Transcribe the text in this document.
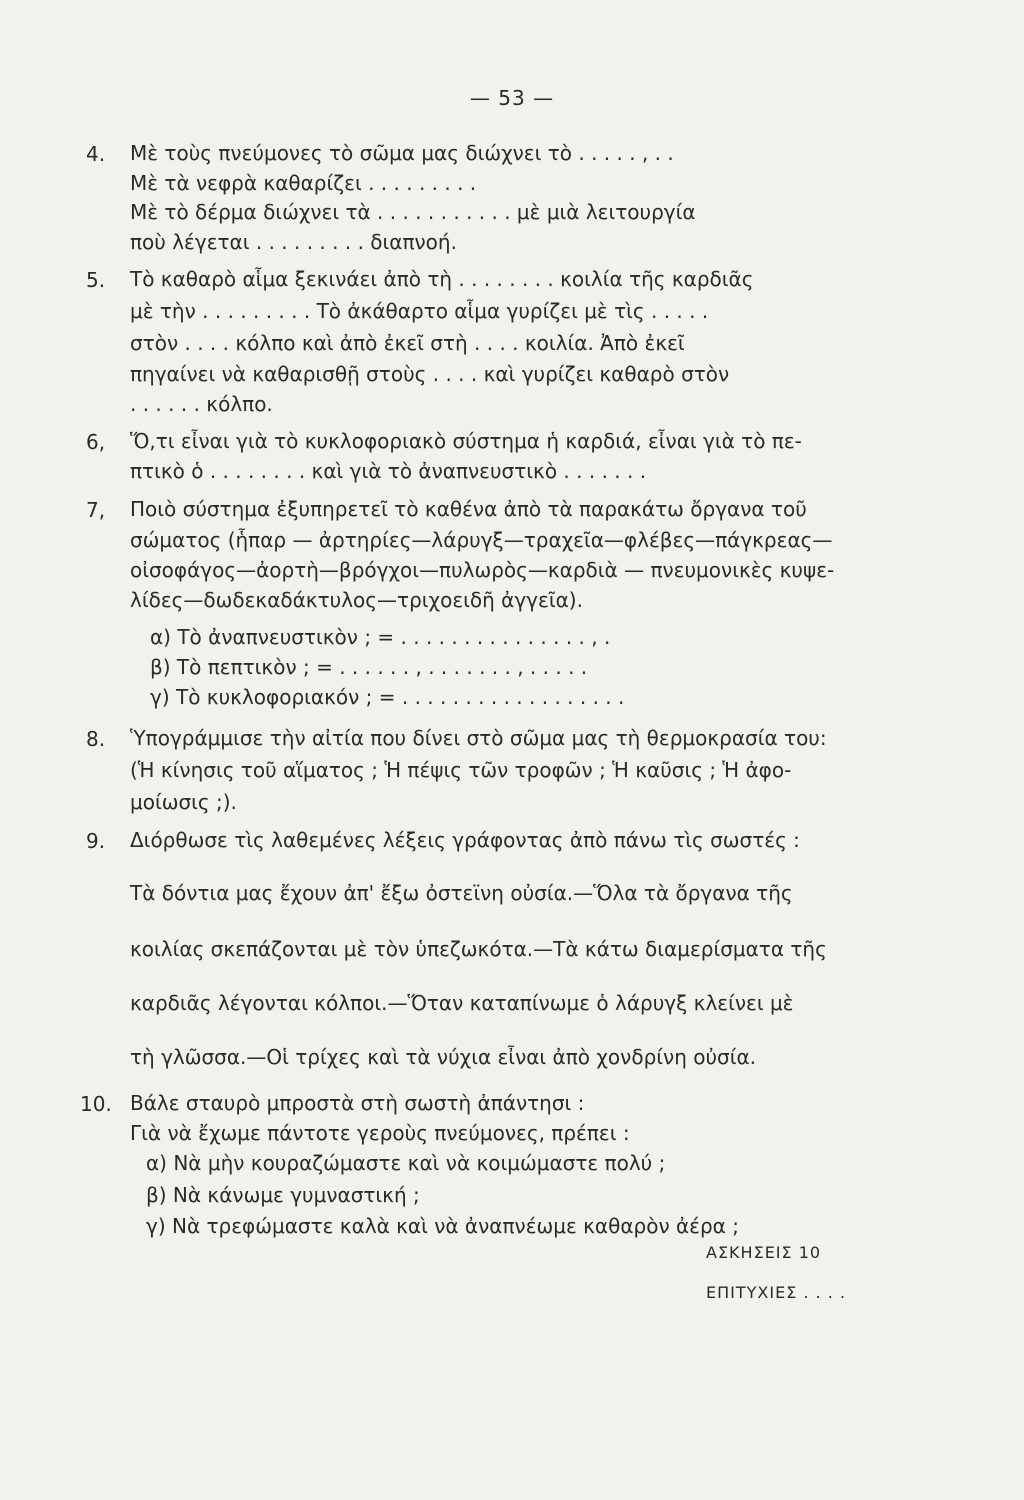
— 53 —
4. Μὲ τοὺς πνεύμονες τὸ σῶμα μας διώχνει τὸ . . . . . , . .
Μὲ τὰ νεφρὰ καθαρίζει . . . . . . . . .
Μὲ τὸ δέρμα διώχνει τὰ . . . . . . . . . . . μὲ μιὰ λειτουργία
ποὺ λέγεται . . . . . . . . . διαπνοή.
5. Τὸ καθαρὸ αἷμα ξεκινάει ἀπὸ τὴ . . . . . . . . κοιλία τῆς καρδιᾶς
μὲ τὴν . . . . . . . . . Τὸ ἀκάθαρτο αἷμα γυρίζει μὲ τὶς . . . . .
στὸν . . . . κόλπο καὶ ἀπὸ ἐκεῖ στὴ . . . . κοιλία. Ἀπὸ ἐκεῖ
πηγαίνει νὰ καθαρισθῇ στοὺς . . . . καὶ γυρίζει καθαρὸ στὸν
. . . . . . κόλπο.
6, Ὅ,τι εἶναι γιὰ τὸ κυκλοφοριακὸ σύστημα ἡ καρδιά, εἶναι γιὰ τὸ πε-
πτικὸ ὁ . . . . . . . . καὶ γιὰ τὸ ἀναπνευστικὸ . . . . . . .
7, Ποιὸ σύστημα ἐξυπηρετεῖ τὸ καθένα ἀπὸ τὰ παρακάτω ὄργανα τοῦ
σώματος (ἧπαρ — ἀρτηρίες—λάρυγξ—τραχεῖα—φλέβες—πάγκρεας—
οἰσοφάγος—ἀορτὴ—βρόγχοι—πυλωρὸς—καρδιὰ — πνευμονικὲς κυψε-
λίδες—δωδεκαδάκτυλος—τριχοειδῆ ἀγγεῖα).
α) Τὸ ἀναπνευστικὸν ; = . . . . . . . . . . . . . . . , .
β) Τὸ πεπτικὸν ; = . . . . . . , . . . . . . . , . . . . .
γ) Τὸ κυκλοφοριακόν ; = . . . . . . . . . . . . . . . . . .
8. Ὑπογράμμισε τὴν αἰτία που δίνει στὸ σῶμα μας τὴ θερμοκρασία του:
(Ἡ κίνησις τοῦ αἵματος ; Ἡ πέψις τῶν τροφῶν ; Ἡ καῦσις ; Ἡ ἀφο-
μοίωσις ;).
9. Διόρθωσε τὶς λαθεμένες λέξεις γράφοντας ἀπὸ πάνω τὶς σωστές :
Τὰ δόντια μας ἔχουν ἀπ' ἔξω ὀστεϊνη οὐσία.—Ὅλα τὰ ὄργανα τῆς
κοιλίας σκεπάζονται μὲ τὸν ὑπεζωκότα.—Τὰ κάτω διαμερίσματα τῆς
καρδιᾶς λέγονται κόλποι.—Ὅταν καταπίνωμε ὁ λάρυγξ κλείνει μὲ
τὴ γλῶσσα.—Οἱ τρίχες καὶ τὰ νύχια εἶναι ἀπὸ χονδρίνη οὐσία.
10. Βάλε σταυρὸ μπροστὰ στὴ σωστὴ ἀπάντησι :
Γιὰ νὰ ἔχωμε πάντοτε γεροὺς πνεύμονες, πρέπει :
α) Νὰ μὴν κουραζώμαστε καὶ νὰ κοιμώμαστε πολύ ;
β) Νὰ κάνωμε γυμναστική ;
γ) Νὰ τρεφώμαστε καλὰ καὶ νὰ ἀναπνέωμε καθαρὸν ἀέρα ;
ΑΣΚΗΣΕΙΣ 10
ΕΠΙΤΥΧΙΕΣ . . . .
